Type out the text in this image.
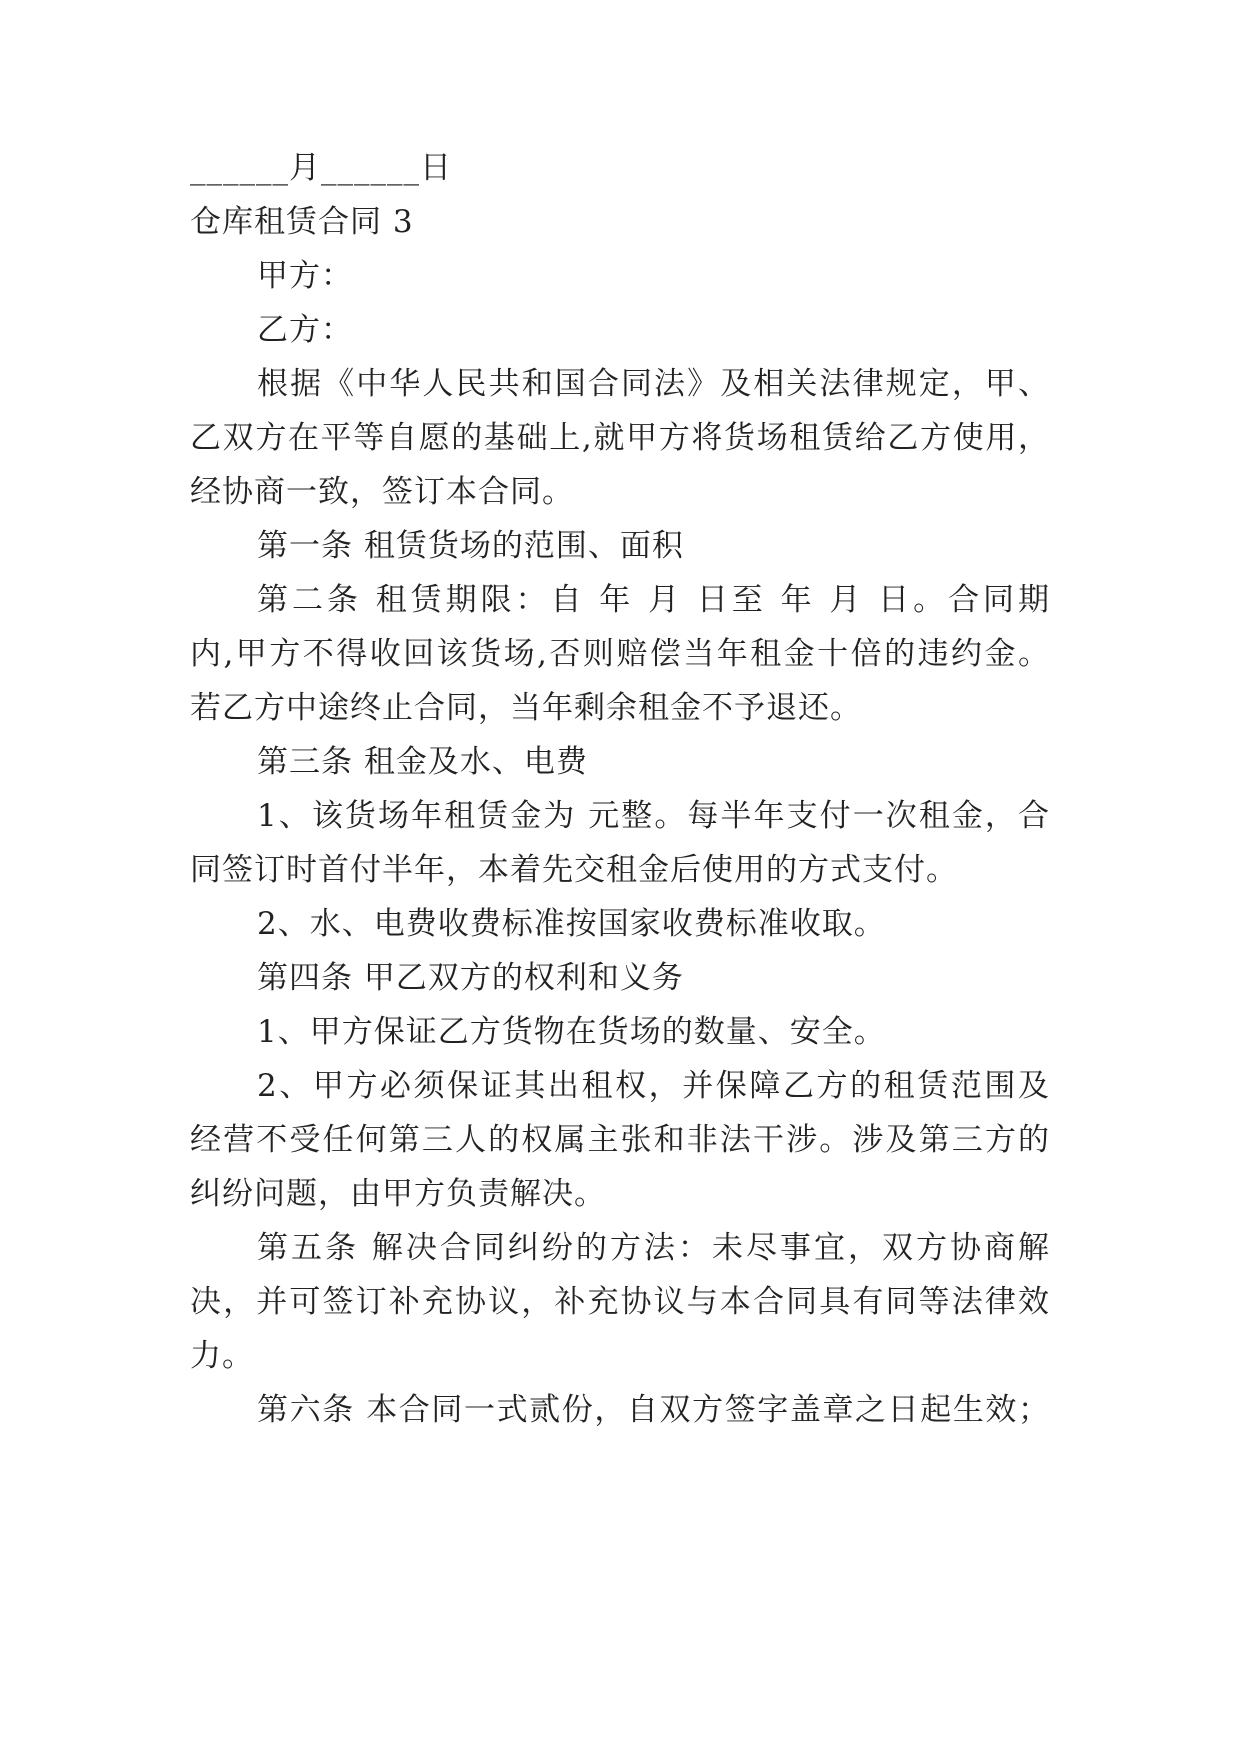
______月______日
仓库租赁合同 3
甲方：
乙方：
根据《中华人民共和国合同法》及相关法律规定，甲、
乙双方在平等自愿的基础上,就甲方将货场租赁给乙方使用，
经协商一致，签订本合同。
第一条 租赁货场的范围、面积
第二条 租赁期限：自 年 月 日至 年 月 日。合同期
内,甲方不得收回该货场,否则赔偿当年租金十倍的违约金。
若乙方中途终止合同，当年剩余租金不予退还。
第三条 租金及水、电费
1、该货场年租赁金为 元整。每半年支付一次租金，合
同签订时首付半年，本着先交租金后使用的方式支付。
2、水、电费收费标准按国家收费标准收取。
第四条 甲乙双方的权利和义务
1、甲方保证乙方货物在货场的数量、安全。
2、甲方必须保证其出租权，并保障乙方的租赁范围及
经营不受任何第三人的权属主张和非法干涉。涉及第三方的
纠纷问题，由甲方负责解决。
第五条 解决合同纠纷的方法：未尽事宜，双方协商解
决，并可签订补充协议，补充协议与本合同具有同等法律效
力。
第六条 本合同一式贰份，自双方签字盖章之日起生效；
